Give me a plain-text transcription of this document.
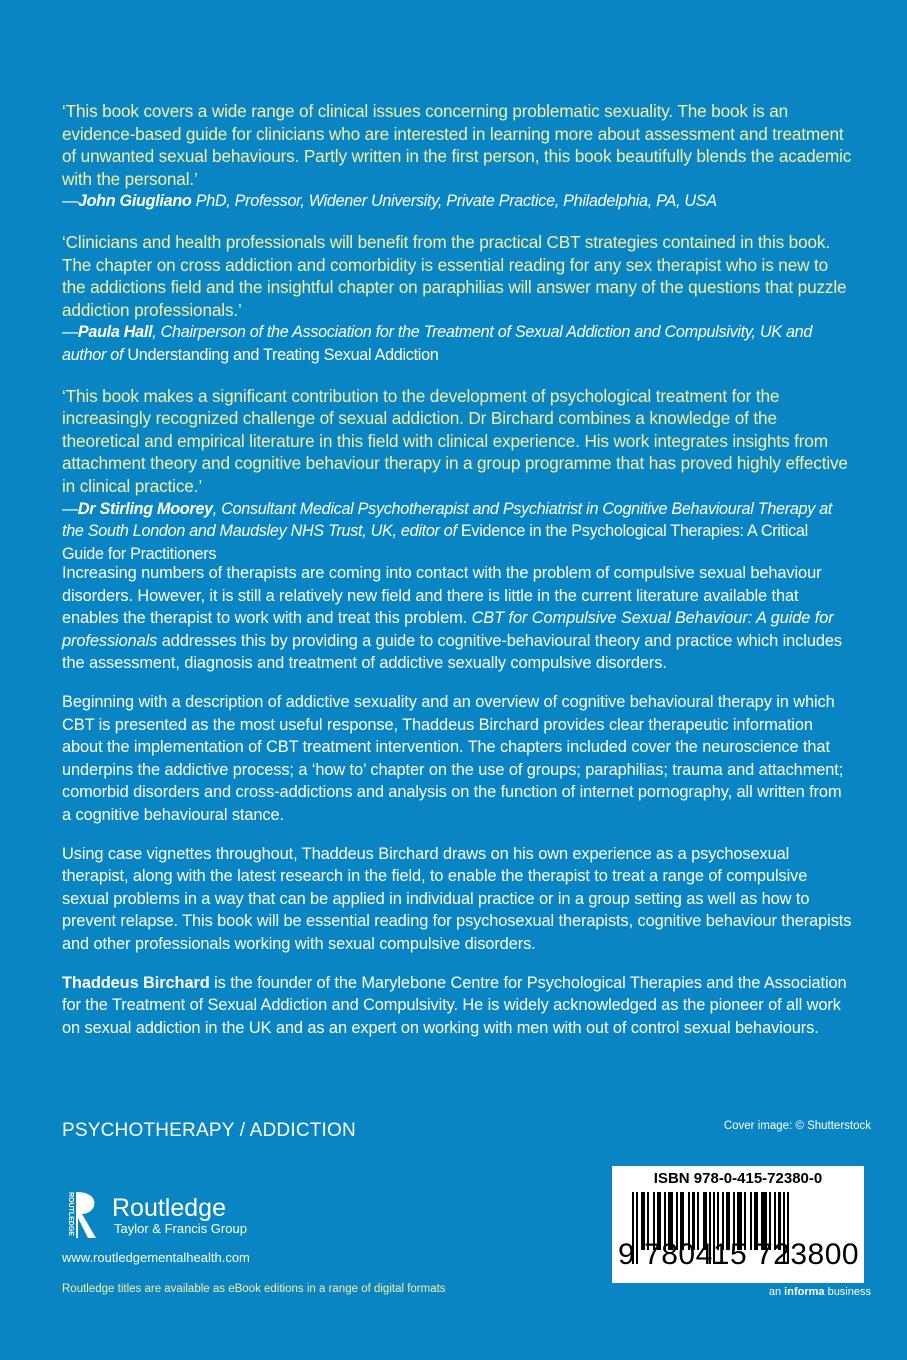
‘This book covers a wide range of clinical issues concerning problematic sexuality. The book is an evidence-based guide for clinicians who are interested in learning more about assessment and treatment of unwanted sexual behaviours. Partly written in the first person, this book beautifully blends the academic with the personal.’
—John Giugliano PhD, Professor, Widener University, Private Practice, Philadelphia, PA, USA
‘Clinicians and health professionals will benefit from the practical CBT strategies contained in this book. The chapter on cross addiction and comorbidity is essential reading for any sex therapist who is new to the addictions field and the insightful chapter on paraphilias will answer many of the questions that puzzle addiction professionals.’
—Paula Hall, Chairperson of the Association for the Treatment of Sexual Addiction and Compulsivity, UK and author of Understanding and Treating Sexual Addiction
‘This book makes a significant contribution to the development of psychological treatment for the increasingly recognized challenge of sexual addiction. Dr Birchard combines a knowledge of the theoretical and empirical literature in this field with clinical experience. His work integrates insights from attachment theory and cognitive behaviour therapy in a group programme that has proved highly effective in clinical practice.’
—Dr Stirling Moorey, Consultant Medical Psychotherapist and Psychiatrist in Cognitive Behavioural Therapy at the South London and Maudsley NHS Trust, UK, editor of Evidence in the Psychological Therapies: A Critical Guide for Practitioners
Increasing numbers of therapists are coming into contact with the problem of compulsive sexual behaviour disorders. However, it is still a relatively new field and there is little in the current literature available that enables the therapist to work with and treat this problem. CBT for Compulsive Sexual Behaviour: A guide for professionals addresses this by providing a guide to cognitive-behavioural theory and practice which includes the assessment, diagnosis and treatment of addictive sexually compulsive disorders.
Beginning with a description of addictive sexuality and an overview of cognitive behavioural therapy in which CBT is presented as the most useful response, Thaddeus Birchard provides clear therapeutic information about the implementation of CBT treatment intervention. The chapters included cover the neuroscience that underpins the addictive process; a ‘how to’ chapter on the use of groups; paraphilias; trauma and attachment; comorbid disorders and cross-addictions and analysis on the function of internet pornography, all written from a cognitive behavioural stance.
Using case vignettes throughout, Thaddeus Birchard draws on his own experience as a psychosexual therapist, along with the latest research in the field, to enable the therapist to treat a range of compulsive sexual problems in a way that can be applied in individual practice or in a group setting as well as how to prevent relapse. This book will be essential reading for psychosexual therapists, cognitive behaviour therapists and other professionals working with sexual compulsive disorders.
Thaddeus Birchard is the founder of the Marylebone Centre for Psychological Therapies and the Association for the Treatment of Sexual Addiction and Compulsivity. He is widely acknowledged as the pioneer of all work on sexual addiction in the UK and as an expert on working with men with out of control sexual behaviours.
PSYCHOTHERAPY / ADDICTION
ROUTLEDGE Routledge
Taylor & Francis Group
www.routledgementalhealth.com
Routledge titles are available as eBook editions in a range of digital formats
Cover image: © Shutterstock
ISBN 978-0-415-72380-0
9 780415 723800
an informa business
